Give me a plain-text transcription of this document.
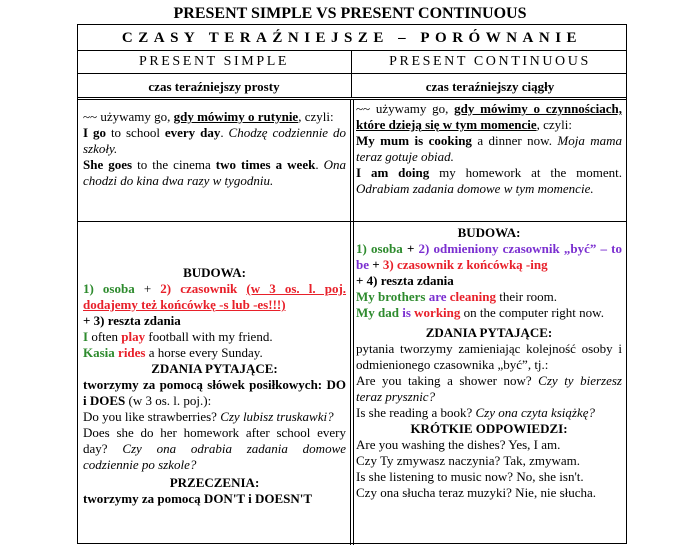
PRESENT SIMPLE VS PRESENT CONTINUOUS
CZASY TERAŹNIEJSZE – PORÓWNANIE
PRESENT SIMPLE	PRESENT CONTINUOUS
czas teraźniejszy prosty	czas teraźniejszy ciągły
~~ używamy go, gdy mówimy o rutynie, czyli:
I go to school every day. Chodzę codziennie do szkoły.
She goes to the cinema two times a week. Ona chodzi do kina dwa razy w tygodniu.
~~ używamy go, gdy mówimy o czynnościach, które dzieją się w tym momencie, czyli:
My mum is cooking a dinner now. Moja mama teraz gotuje obiad.
I am doing my homework at the moment. Odrabiam zadania domowe w tym momencie.
BUDOWA:
1) osoba + 2) czasownik (w 3 os. l. poj. dodajemy też końcówkę -s lub -es!!!)
+ 3) reszta zdania
I often play football with my friend.
Kasia rides a horse every Sunday.
ZDANIA PYTAJĄCE:
tworzymy za pomocą słówek posiłkowych: DO i DOES (w 3 os. l. poj.):
Do you like strawberries? Czy lubisz truskawki?
Does she do her homework after school every day? Czy ona odrabia zadania domowe codziennie po szkole?
PRZECZENIA:
tworzymy za pomocą DON'T i DOESN'T
BUDOWA:
1) osoba + 2) odmieniony czasownik „być” – to be + 3) czasownik z końcówką -ing
+ 4) reszta zdania
My brothers are cleaning their room.
My dad is working on the computer right now.
ZDANIA PYTAJĄCE:
pytania tworzymy zamieniając kolejność osoby i odmienionego czasownika „być”, tj.:
Are you taking a shower now? Czy ty bierzesz teraz prysznic?
Is she reading a book? Czy ona czyta książkę?
KRÓTKIE ODPOWIEDZI:
Are you washing the dishes? Yes, I am.
Czy Ty zmywasz naczynia? Tak, zmywam.
Is she listening to music now? No, she isn't.
Czy ona słucha teraz muzyki? Nie, nie słucha.
